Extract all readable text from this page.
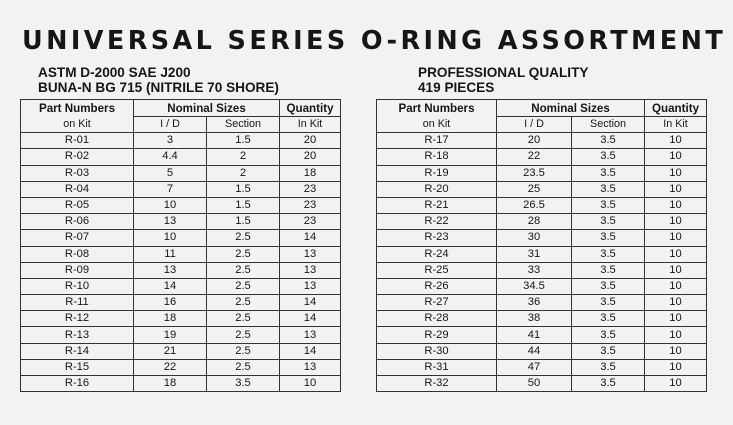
UNIVERSAL SERIES O-RING ASSORTMENT
ASTM D-2000 SAE J200
BUNA-N BG 715 (NITRILE 70 SHORE)
PROFESSIONAL QUALITY
419 PIECES
Part Numbers	Nominal Sizes		Quantity
on Kit	I / D	Section	In Kit
R-01	3	1.5	20
R-02	4.4	2	20
R-03	5	2	18
R-04	7	1.5	23
R-05	10	1.5	23
R-06	13	1.5	23
R-07	10	2.5	14
R-08	11	2.5	13
R-09	13	2.5	13
R-10	14	2.5	13
R-11	16	2.5	14
R-12	18	2.5	14
R-13	19	2.5	13
R-14	21	2.5	14
R-15	22	2.5	13
R-16	18	3.5	10
Part Numbers	Nominal Sizes		Quantity
on Kit	I / D	Section	In Kit
R-17	20	3.5	10
R-18	22	3.5	10
R-19	23.5	3.5	10
R-20	25	3.5	10
R-21	26.5	3.5	10
R-22	28	3.5	10
R-23	30	3.5	10
R-24	31	3.5	10
R-25	33	3.5	10
R-26	34.5	3.5	10
R-27	36	3.5	10
R-28	38	3.5	10
R-29	41	3.5	10
R-30	44	3.5	10
R-31	47	3.5	10
R-32	50	3.5	10
